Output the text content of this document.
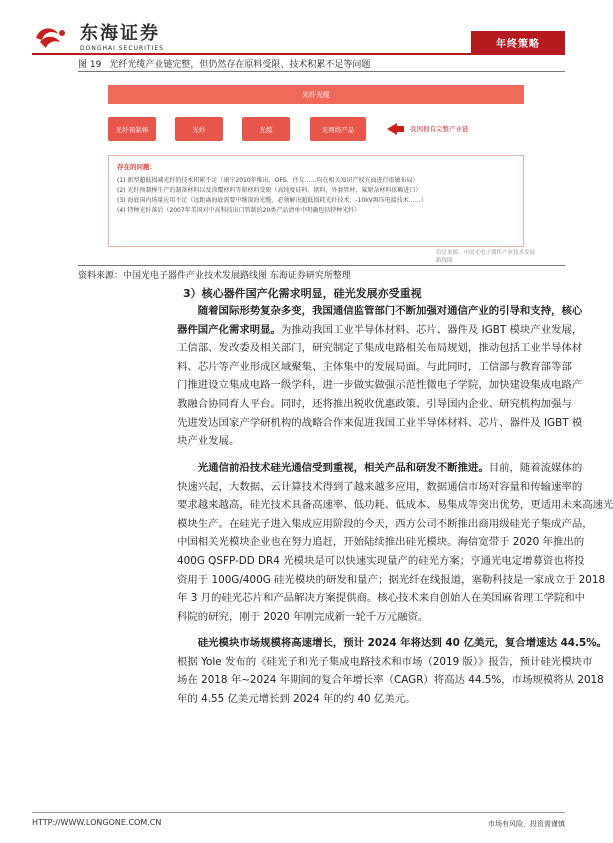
东海证券
DONGHAI SECURITIES	年终策略
图 19 光纤光缆产业链完整，但仍然存在原料受限、技术积累不足等问题
光纤光缆
光纤预制棒	光纤	光缆	光网络产品	我国拥有完整产业链
存在的问题：
(1) 新型超低损减光纤的技术积累不足（康宁2010年推出，OFS、住友……均在相关知识产权方面进行很敏布局）
(2) 光纤预制棒生产的制备材料以及涂覆材料等原材料受限（高纯度硅料、锗料、外套管材，氟原杂材料依赖进口）
(3) 海底国内场量应用不足（远距离海底需要中继深海光缆，必须解决超低损耗光纤技术、-10kV再压电接技术……）
(4) 特种光纤落后（2007年美国对中高科技出口管制的20类产品清单中明确包括特种光纤）
信息来源：中国光电子器件产业技术发展路线图
资料来源：中国光电子器件产业技术发展路线图 东海证券研究所整理
3）核心器件国产化需求明显，硅光发展亦受重视
　　随着国际形势复杂多变，我国通信监管部门不断加强对通信产业的引导和支持，核心
器件国产化需求明显。为推动我国工业半导体材料、芯片、器件及 IGBT 模块产业发展，
工信部、发改委及相关部门，研究制定了集成电路相关布局规划，推动包括工业半导体材
料、芯片等产业形成区域聚集、主体集中的发展局面。与此同时，工信部与教育部等部
门推进设立集成电路一级学科，进一步做实做强示范性微电子学院，加快建设集成电路产
教融合协同育人平台。同时，还将推出税收优惠政策、引导国内企业、研究机构加强与
先进发达国家产学研机构的战略合作来促进我国工业半导体材料、芯片、器件及 IGBT 模
块产业发展。
　　光通信前沿技术硅光通信受到重视，相关产品和研发不断推进。目前，随着流媒体的
快速兴起，大数据、云计算技术得到了越来越多应用，数据通信市场对容量和传输速率的
要求越来越高，硅光技术具备高速率、低功耗、低成本、易集成等突出优势，更适用未来高速光
模块生产。在硅光子进入集成应用阶段的今天，西方公司不断推出商用级硅光子集成产品，
中国相关光模块企业也在努力追赶，开始陆续推出硅光模块。海信宽带于 2020 年推出的
400G QSFP-DD DR4 光模块是可以快速实现量产的硅光方案；亨通光电定增募资也将投
资用于 100G/400G 硅光模块的研发和量产；据光纤在线报道，塞勒科技是一家成立于 2018
年 3 月的硅光芯片和产品解决方案提供商。核心技术来自创始人在美国麻省理工学院和中
科院的研究，刚于 2020 年刚完成新一轮千万元融资。
　　硅光模块市场规模将高速增长，预计 2024 年将达到 40 亿美元，复合增速达 44.5%。
根据 Yole 发布的《硅光子和光子集成电路技术和市场（2019 版）》报告，预计硅光模块市
场在 2018 年~2024 年期间的复合年增长率（CAGR）将高达 44.5%，市场规模将从 2018
年的 4.55 亿美元增长到 2024 年的约 40 亿美元。
HTTP://WWW.LONGONE.COM.CN	市场有风险，投资需谨慎
